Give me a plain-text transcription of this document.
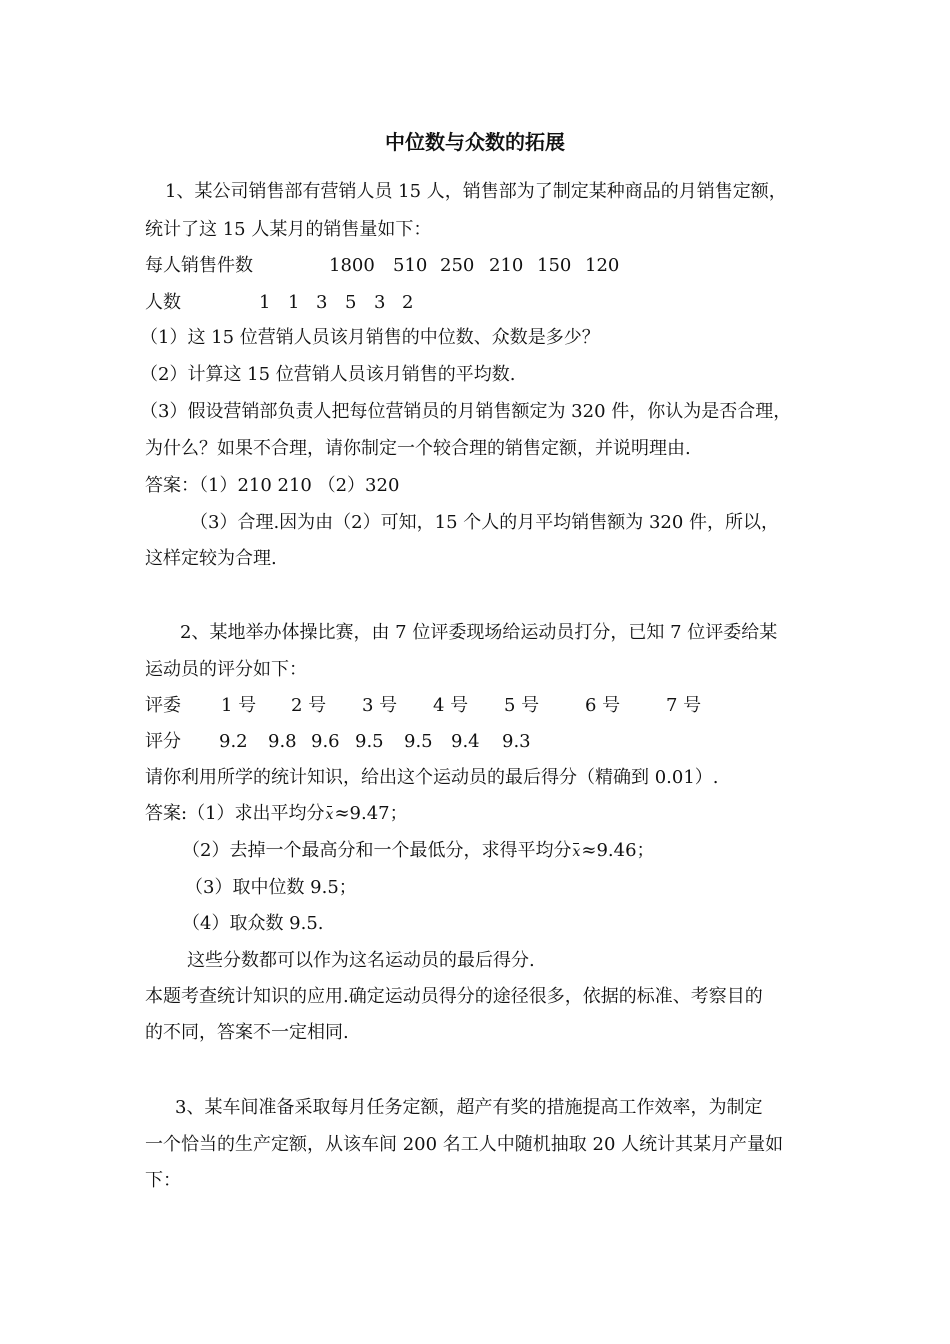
中位数与众数的拓展
1、某公司销售部有营销人员 15 人，销售部为了制定某种商品的月销售定额，
统计了这 15 人某月的销售量如下：
每人销售件数	1800 510 250 210 150 120
人数	1 1 3 5 3 2
（1）这 15 位营销人员该月销售的中位数、众数是多少？
（2）计算这 15 位营销人员该月销售的平均数.
（3）假设营销部负责人把每位营销员的月销售额定为 320 件，你认为是否合理，
为什么？如果不合理，请你制定一个较合理的销售定额，并说明理由.
答案：（1）210 210 （2）320
（3）合理.因为由（2）可知，15 个人的月平均销售额为 320 件，所以，
这样定较为合理.
2、某地举办体操比赛，由 7 位评委现场给运动员打分，已知 7 位评委给某
运动员的评分如下：
评委 1 号 2 号 3 号 4 号 5 号	6 号	7 号
评分 9.2 9.8 9.6 9.5 9.5 9.4 9.3
请你利用所学的统计知识，给出这个运动员的最后得分（精确到 0.01）.
答案:（1）求出平均分x≈9.47；
（2）去掉一个最高分和一个最低分，求得平均分x≈9.46；
（3）取中位数 9.5；
（4）取众数 9.5.
这些分数都可以作为这名运动员的最后得分.
本题考查统计知识的应用.确定运动员得分的途径很多，依据的标准、考察目的
的不同，答案不一定相同.
3、某车间准备采取每月任务定额，超产有奖的措施提高工作效率，为制定
一个恰当的生产定额，从该车间 200 名工人中随机抽取 20 人统计其某月产量如
下：
